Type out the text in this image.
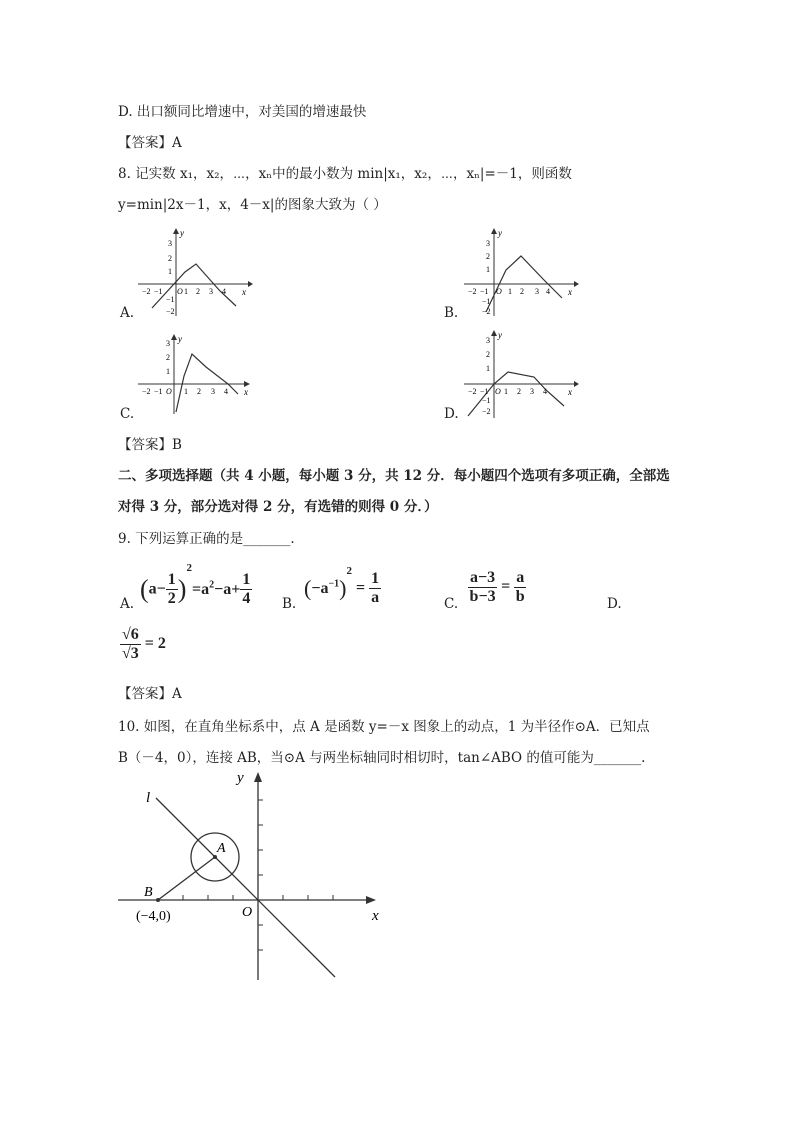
D. 出口额同比增速中，对美国的增速最快
【答案】A
8. 记实数 x₁，x₂，⋯，xₙ中的最小数为 min|x₁，x₂，⋯，xₙ|=－1，则函数
y=min|2x－1，x，4－x|的图象大致为（ ）
y
x
3
2
1
−2 −1 O 1 2 3 4
−1
−2
A.
y
x
3
2
1
−2 −1 O 1 2 3 4
−1
−2
B.
y
x
3
2
1
−2 −1 O 1 2 3 4
C.
y
x
3
2
1
−2 −1 O 1 2 3 4
−1
−2
D.
【答案】B
二、多项选择题（共 4 小题，每小题 3 分，共 12 分．每小题四个选项有多项正确，全部选
对得 3 分，部分选对得 2 分，有选错的则得 0 分．）
9. 下列运算正确的是_______.
A.
$(a- \frac{1}{2} )^2=a^2-a+ \frac{1}{4} B$.
$(-a^{-1})^2 = \frac{1}{a}$	C. $\frac{a-3}{b-3} = \frac{a}{b}$	D.
$\frac{√6}{√3} = 2$
【答案】A
10. 如图，在直角坐标系中，点 A 是函数 y=－x 图象上的动点，1 为半径作⊙A．已知点
B（－4，0），连接 AB，当⊙A 与两坐标轴同时相切时，tan∠ABO 的值可能为_______.
l
y
x
A
B
O
(−4,0)
